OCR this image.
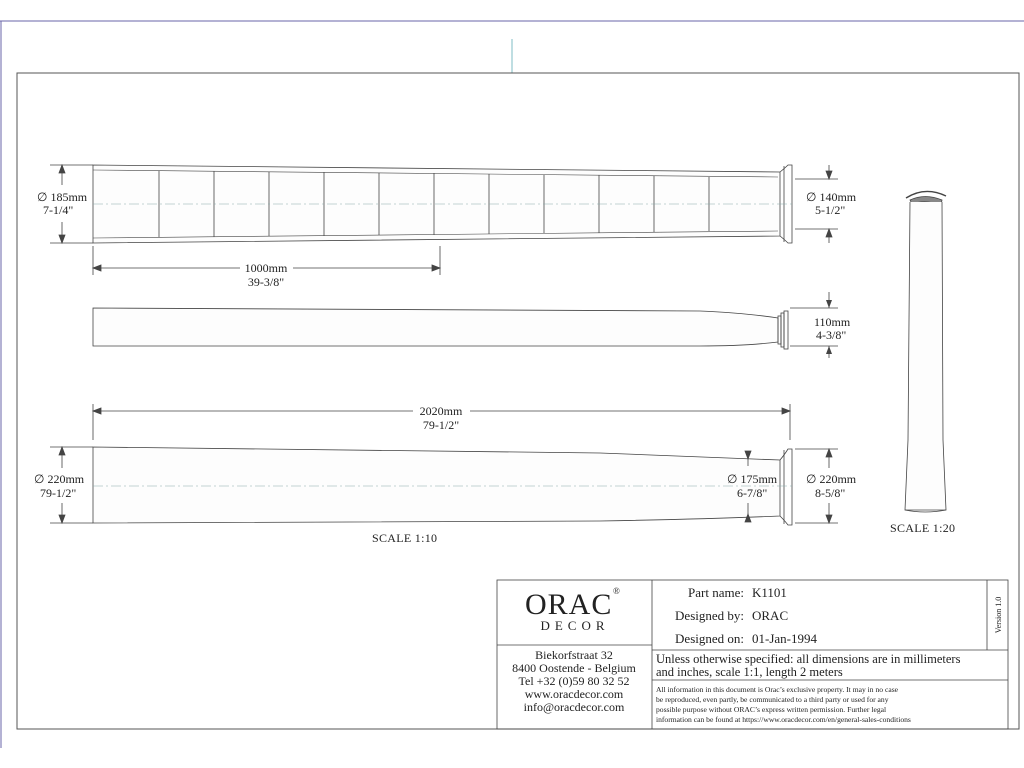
∅ 185mm
7-1/4"
∅ 140mm
5-1/2"
1000mm
39-3/8"
110mm
4-3/8"
2020mm
79-1/2"
∅ 220mm
79-1/2"
∅ 175mm
6-7/8"
∅ 220mm
8-5/8"
SCALE 1:10
SCALE 1:20
ORAC ®
DECOR
Biekorfstraat 32
8400 Oostende - Belgium
Tel +32 (0)59 80 32 52
www.oracdecor.com
info@oracdecor.com
Part name: K1101
Designed by: ORAC
Designed on: 01-Jan-1994
Version 1.0
Unless otherwise specified: all dimensions are in millimeters
and inches, scale 1:1, length 2 meters
All information in this document is Orac’s exclusive property. It may in no case
be reproduced, even partly, be communicated to a third party or used for any
possible purpose without ORAC’s express written permission. Further legal
information can be found at https://www.oracdecor.com/en/general-sales-conditions
